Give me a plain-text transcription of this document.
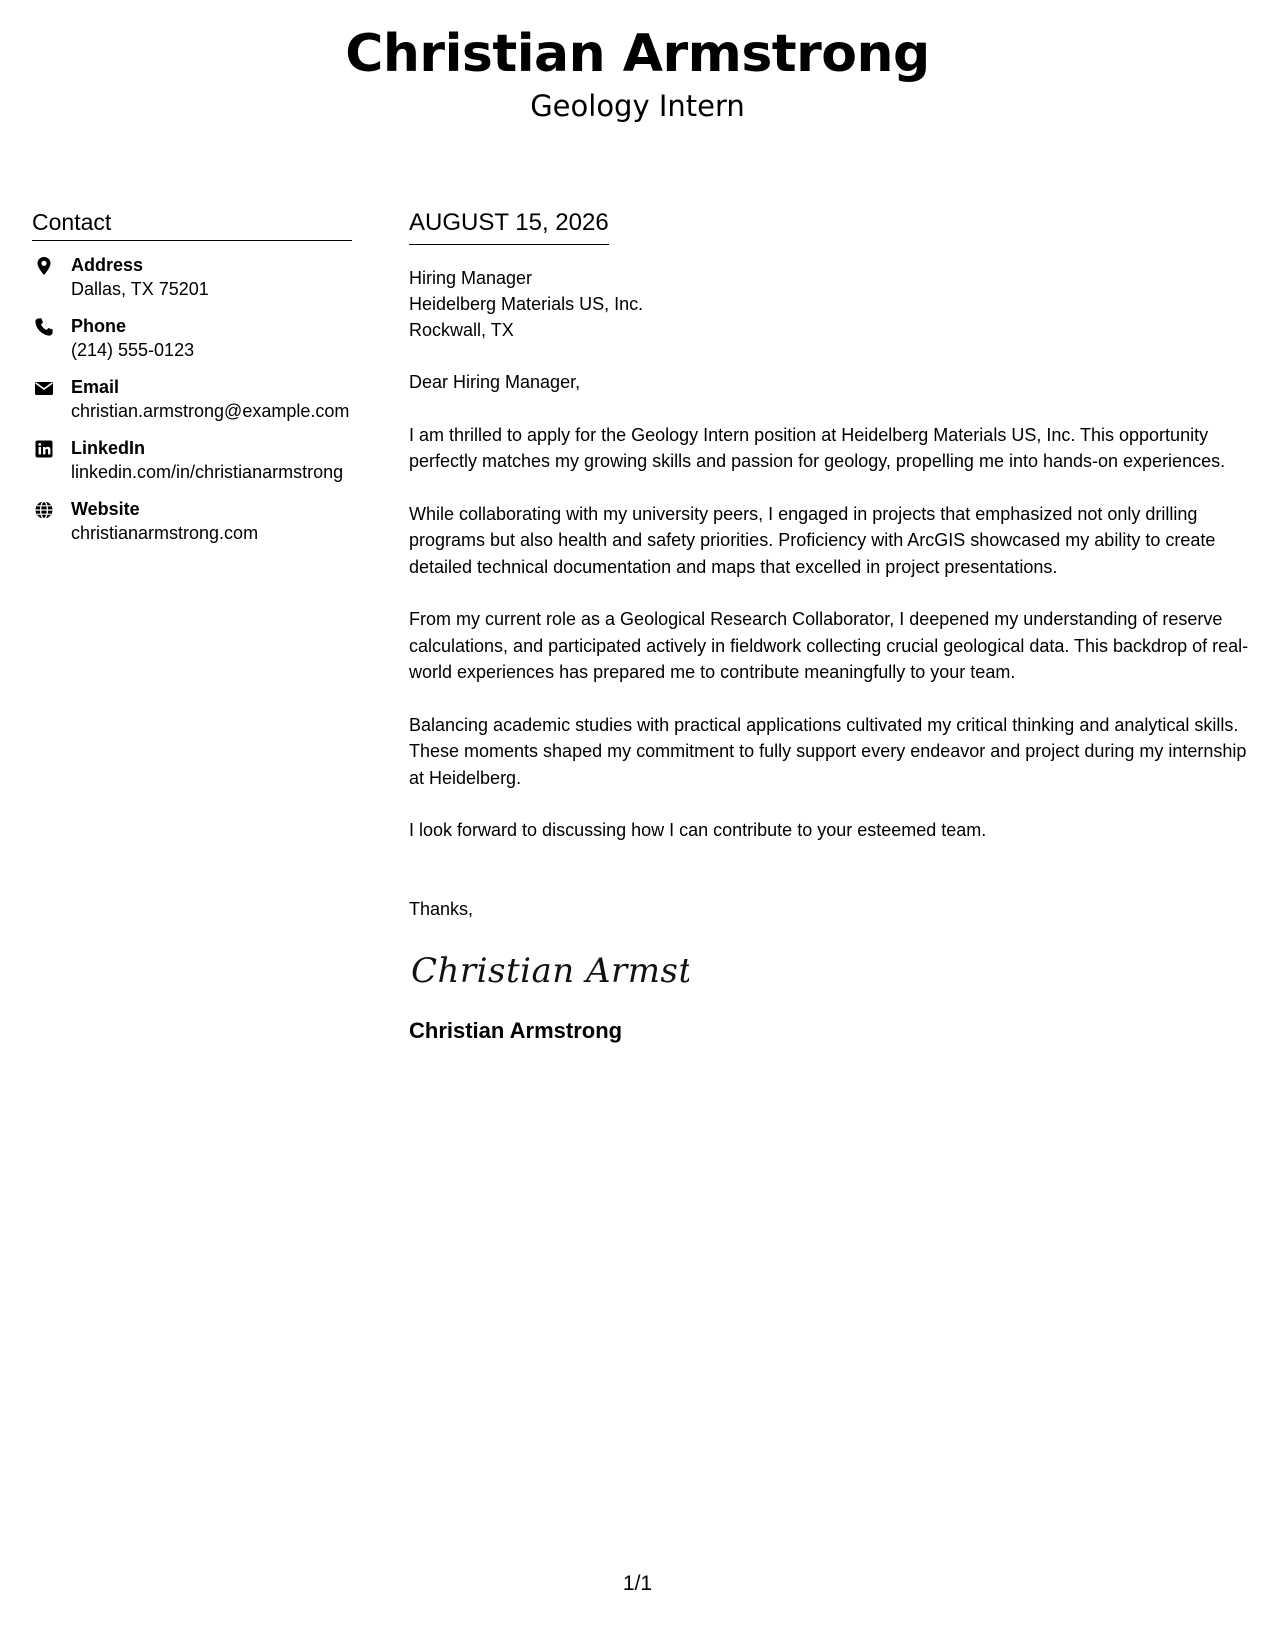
Christian Armstrong
Geology Intern
Contact
Address
Dallas, TX 75201
Phone
(214) 555-0123
Email
christian.armstrong@example.com
LinkedIn
linkedin.com/in/christianarmstrong
Website
christianarmstrong.com
AUGUST 15, 2026
Hiring Manager
Heidelberg Materials US, Inc.
Rockwall, TX
Dear Hiring Manager,

I am thrilled to apply for the Geology Intern position at Heidelberg Materials US, Inc. This opportunity perfectly matches my growing skills and passion for geology, propelling me into hands-on experiences.

While collaborating with my university peers, I engaged in projects that emphasized not only drilling programs but also health and safety priorities. Proficiency with ArcGIS showcased my ability to create detailed technical documentation and maps that excelled in project presentations.

From my current role as a Geological Research Collaborator, I deepened my understanding of reserve calculations, and participated actively in fieldwork collecting crucial geological data. This backdrop of real-world experiences has prepared me to contribute meaningfully to your team.

Balancing academic studies with practical applications cultivated my critical thinking and analytical skills. These moments shaped my commitment to fully support every endeavor and project during my internship at Heidelberg.

I look forward to discussing how I can contribute to your esteemed team.

Thanks,
Christian Armst
Christian Armstrong
1/1
